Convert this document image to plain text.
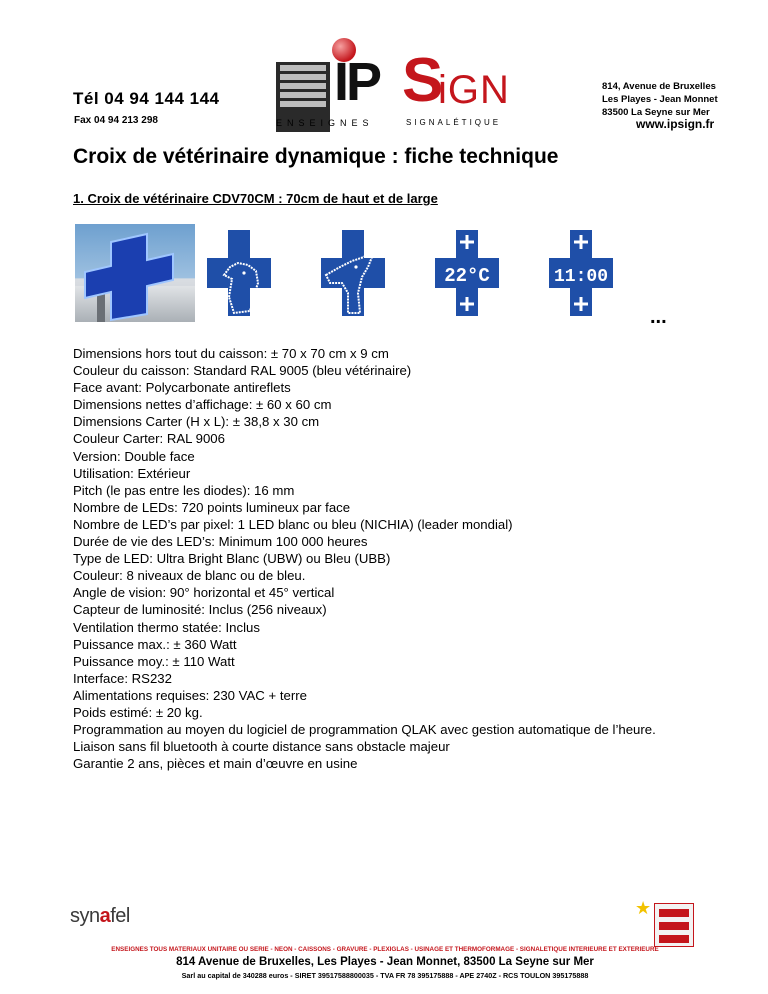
Tél 04 94 144 144
Fax 04 94 213 298
IP S
iGN
ENSEIGNES	SIGNALÉTIQUE
814, Avenue de Bruxelles
Les Playes - Jean Monnet
83500 La Seyne sur Mer
www.ipsign.fr
Croix de vétérinaire dynamique : fiche technique
1. Croix de vétérinaire CDV70CM : 70cm de haut et de large
22°C	11:00
...
Dimensions hors tout du caisson: ± 70 x 70 cm x 9 cm
Couleur du caisson: Standard RAL 9005 (bleu vétérinaire)
Face avant: Polycarbonate antireflets
Dimensions nettes d’affichage: ± 60 x 60 cm
Dimensions Carter (H x L): ± 38,8 x 30 cm
Couleur Carter: RAL 9006
Version: Double face
Utilisation: Extérieur
Pitch (le pas entre les diodes): 16 mm
Nombre de LEDs: 720 points lumineux par face
Nombre de LED’s par pixel: 1 LED blanc ou bleu (NICHIA) (leader mondial)
Durée de vie des LED’s: Minimum 100 000 heures
Type de LED: Ultra Bright Blanc (UBW) ou Bleu (UBB)
Couleur: 8 niveaux de blanc ou de bleu.
Angle de vision: 90° horizontal et 45° vertical
Capteur de luminosité: Inclus (256 niveaux)
Ventilation thermo statée: Inclus
Puissance max.: ± 360 Watt
Puissance moy.: ± 110 Watt
Interface: RS232
Alimentations requises: 230 VAC + terre
Poids estimé: ± 20 kg.
Programmation au moyen du logiciel de programmation QLAK avec gestion automatique de l’heure.
Liaison sans fil bluetooth à courte distance sans obstacle majeur
Garantie 2 ans, pièces et main d’œuvre en usine
synafel	★
ENSEIGNES TOUS MATERIAUX UNITAIRE OU SERIE - NEON - CAISSONS - GRAVURE - PLEXIGLAS - USINAGE ET THERMOFORMAGE - SIGNALETIQUE INTERIEURE ET EXTERIEURE
814 Avenue de Bruxelles, Les Playes - Jean Monnet, 83500 La Seyne sur Mer
Sarl au capital de 340288 euros - SIRET 39517588800035 - TVA FR 78 395175888 - APE 2740Z - RCS TOULON 395175888
